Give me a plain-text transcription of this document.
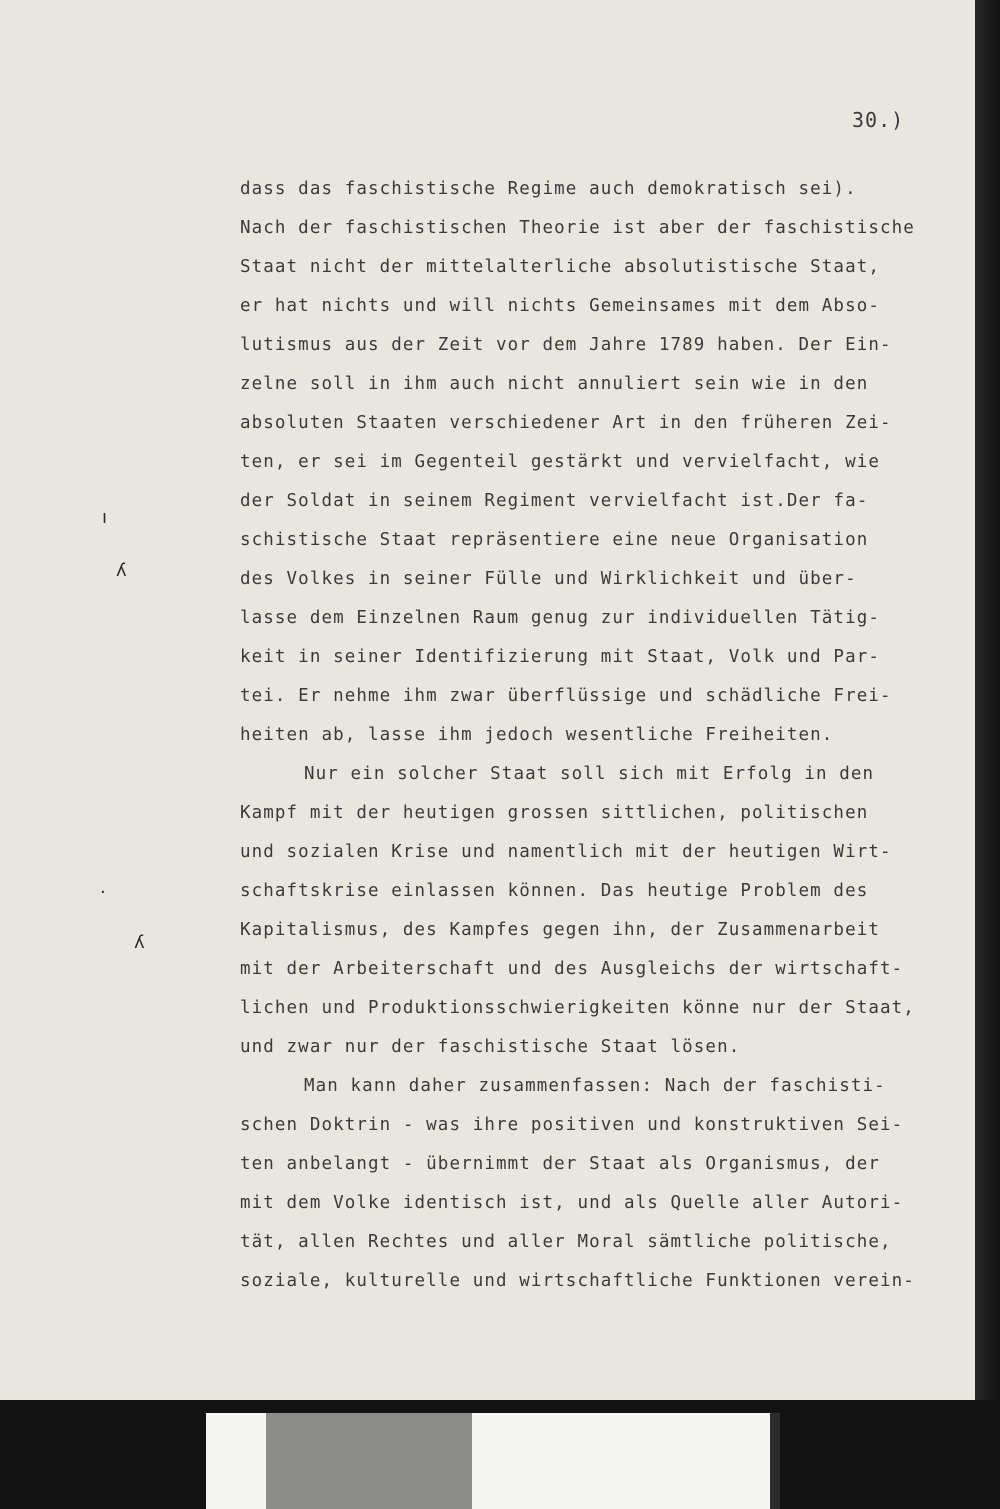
30.)
ı
ʎ
·
ʎ
dass das faschistische Regime auch demokratisch sei).
Nach der faschistischen Theorie ist aber der faschistische
Staat nicht der mittelalterliche absolutistische Staat,
er hat nichts und will nichts Gemeinsames mit dem Abso-
lutismus aus der Zeit vor dem Jahre 1789 haben. Der Ein-
zelne soll in ihm auch nicht annuliert sein wie in den
absoluten Staaten verschiedener Art in den früheren Zei-
ten, er sei im Gegenteil gestärkt und vervielfacht, wie
der Soldat in seinem Regiment vervielfacht ist.Der fa-
schistische Staat repräsentiere eine neue Organisation
des Volkes in seiner Fülle und Wirklichkeit und über-
lasse dem Einzelnen Raum genug zur individuellen Tätig-
keit in seiner Identifizierung mit Staat, Volk und Par-
tei. Er nehme ihm zwar überflüssige und schädliche Frei-
heiten ab, lasse ihm jedoch wesentliche Freiheiten.
Nur ein solcher Staat soll sich mit Erfolg in den
Kampf mit der heutigen grossen sittlichen, politischen
und sozialen Krise und namentlich mit der heutigen Wirt-
schaftskrise einlassen können. Das heutige Problem des
Kapitalismus, des Kampfes gegen ihn, der Zusammenarbeit
mit der Arbeiterschaft und des Ausgleichs der wirtschaft-
lichen und Produktionsschwierigkeiten könne nur der Staat,
und zwar nur der faschistische Staat lösen.
Man kann daher zusammenfassen: Nach der faschisti-
schen Doktrin - was ihre positiven und konstruktiven Sei-
ten anbelangt - übernimmt der Staat als Organismus, der
mit dem Volke identisch ist, und als Quelle aller Autori-
tät, allen Rechtes und aller Moral sämtliche politische,
soziale, kulturelle und wirtschaftliche Funktionen verein-
